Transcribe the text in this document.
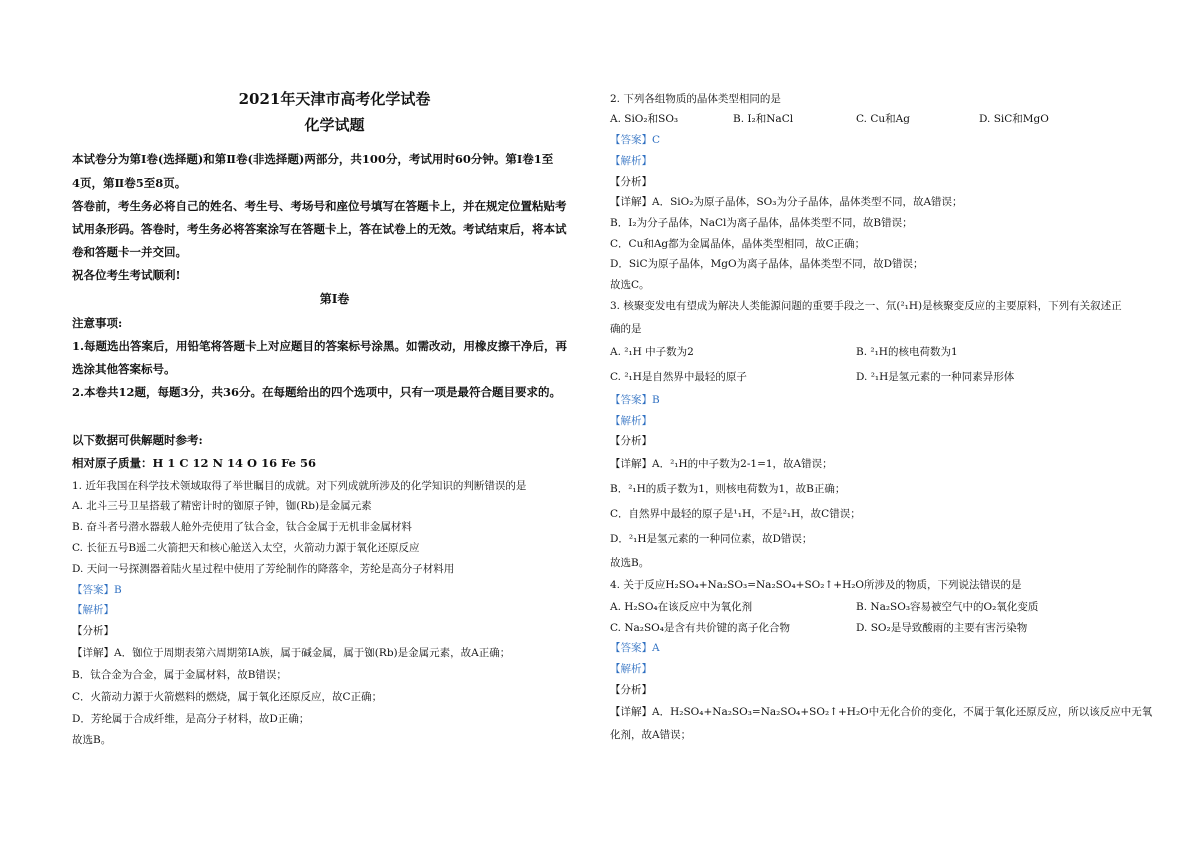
2021年天津市高考化学试卷
化学试题
本试卷分为第Ⅰ卷(选择题)和第Ⅱ卷(非选择题)两部分，共100分，考试用时60分钟。第Ⅰ卷1至
4页，第Ⅱ卷5至8页。
答卷前，考生务必将自己的姓名、考生号、考场号和座位号填写在答题卡上，并在规定位置粘贴考
试用条形码。答卷时，考生务必将答案涂写在答题卡上，答在试卷上的无效。考试结束后，将本试
卷和答题卡一并交回。
祝各位考生考试顺利!
第Ⅰ卷
注意事项:
1.每题选出答案后，用铅笔将答题卡上对应题目的答案标号涂黑。如需改动，用橡皮擦干净后，再
选涂其他答案标号。
2.本卷共12题，每题3分，共36分。在每题给出的四个选项中，只有一项是最符合题目要求的。
以下数据可供解题时参考:
相对原子质量：H 1 C 12 N 14 O 16 Fe 56
1. 近年我国在科学技术领域取得了举世瞩目的成就。对下列成就所涉及的化学知识的判断错误的是
A. 北斗三号卫星搭载了精密计时的铷原子钟，铷(Rb)是金属元素
B. 奋斗者号潜水器载人舱外壳使用了钛合金，钛合金属于无机非金属材料
C. 长征五号B遥二火箭把天和核心舱送入太空，火箭动力源于氧化还原反应
D. 天问一号探测器着陆火星过程中使用了芳纶制作的降落伞，芳纶是高分子材料用
【答案】B
【解析】
【分析】
【详解】A．铷位于周期表第六周期第ⅠA族，属于碱金属，属于铷(Rb)是金属元素，故A正确；
B．钛合金为合金，属于金属材料，故B错误；
C．火箭动力源于火箭燃料的燃烧，属于氧化还原反应，故C正确；
D．芳纶属于合成纤维，是高分子材料，故D正确；
故选B。
2. 下列各组物质的晶体类型相同的是
A. SiO₂和SO₃	B. I₂和NaCl	C. Cu和Ag	D. SiC和MgO
【答案】C
【解析】
【分析】
【详解】A．SiO₂为原子晶体，SO₃为分子晶体，晶体类型不同，故A错误；
B．I₂为分子晶体，NaCl为离子晶体，晶体类型不同，故B错误；
C．Cu和Ag都为金属晶体，晶体类型相同，故C正确；
D．SiC为原子晶体，MgO为离子晶体，晶体类型不同，故D错误；
故选C。
3. 核聚变发电有望成为解决人类能源问题的重要手段之一、氘(²₁H)是核聚变反应的主要原料，下列有关叙述正
确的是
A. ²₁H 中子数为2	B. ²₁H的核电荷数为1
C. ²₁H是自然界中最轻的原子	D. ²₁H是氢元素的一种同素异形体
【答案】B
【解析】
【分析】
【详解】A．²₁H的中子数为2-1=1，故A错误；
B．²₁H的质子数为1，则核电荷数为1，故B正确；
C．自然界中最轻的原子是¹₁H，不是²₁H，故C错误；
D．²₁H是氢元素的一种同位素，故D错误；
故选B。
4. 关于反应H₂SO₄+Na₂SO₃=Na₂SO₄+SO₂↑+H₂O所涉及的物质，下列说法错误的是
A. H₂SO₄在该反应中为氧化剂	B. Na₂SO₃容易被空气中的O₂氧化变质
C. Na₂SO₄是含有共价键的离子化合物	D. SO₂是导致酸雨的主要有害污染物
【答案】A
【解析】
【分析】
【详解】A．H₂SO₄+Na₂SO₃=Na₂SO₄+SO₂↑+H₂O中无化合价的变化，不属于氧化还原反应，所以该反应中无氧
化剂，故A错误；
